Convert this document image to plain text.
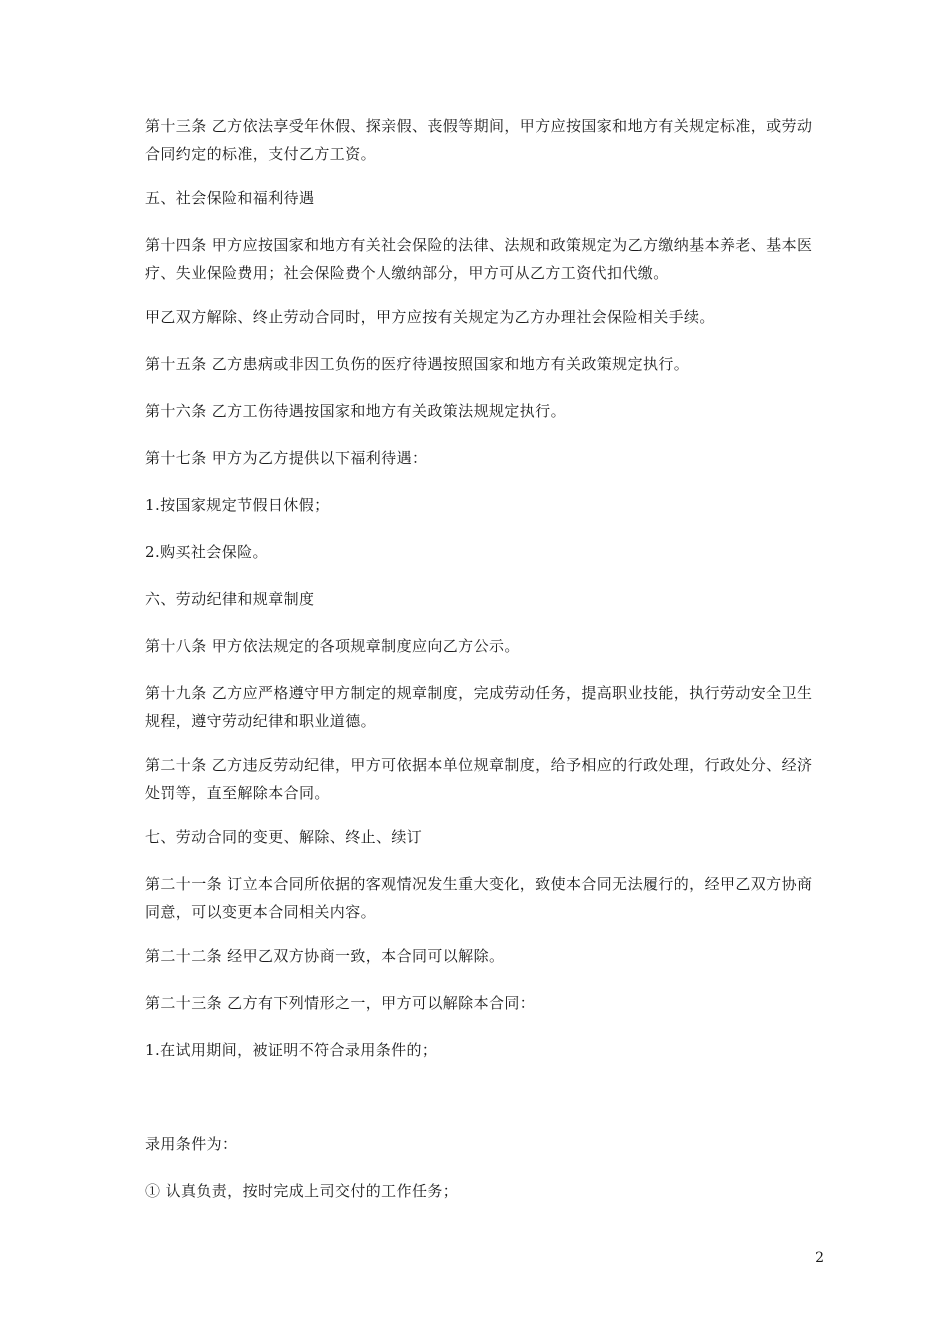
第十三条 乙方依法享受年休假、探亲假、丧假等期间，甲方应按国家和地方有关规定标准，或劳动合同约定的标准，支付乙方工资。

五、社会保险和福利待遇

第十四条 甲方应按国家和地方有关社会保险的法律、法规和政策规定为乙方缴纳基本养老、基本医疗、失业保险费用；社会保险费个人缴纳部分，甲方可从乙方工资代扣代缴。

甲乙双方解除、终止劳动合同时，甲方应按有关规定为乙方办理社会保险相关手续。

第十五条 乙方患病或非因工负伤的医疗待遇按照国家和地方有关政策规定执行。

第十六条 乙方工伤待遇按国家和地方有关政策法规规定执行。

第十七条 甲方为乙方提供以下福利待遇：

1.按国家规定节假日休假；

2.购买社会保险。

六、劳动纪律和规章制度

第十八条 甲方依法规定的各项规章制度应向乙方公示。

第十九条 乙方应严格遵守甲方制定的规章制度，完成劳动任务，提高职业技能，执行劳动安全卫生规程，遵守劳动纪律和职业道德。

第二十条 乙方违反劳动纪律，甲方可依据本单位规章制度，给予相应的行政处理，行政处分、经济处罚等，直至解除本合同。

七、劳动合同的变更、解除、终止、续订

第二十一条 订立本合同所依据的客观情况发生重大变化，致使本合同无法履行的，经甲乙双方协商同意，可以变更本合同相关内容。

第二十二条 经甲乙双方协商一致，本合同可以解除。

第二十三条 乙方有下列情形之一，甲方可以解除本合同：

1.在试用期间，被证明不符合录用条件的；

录用条件为：

① 认真负责，按时完成上司交付的工作任务；

2
